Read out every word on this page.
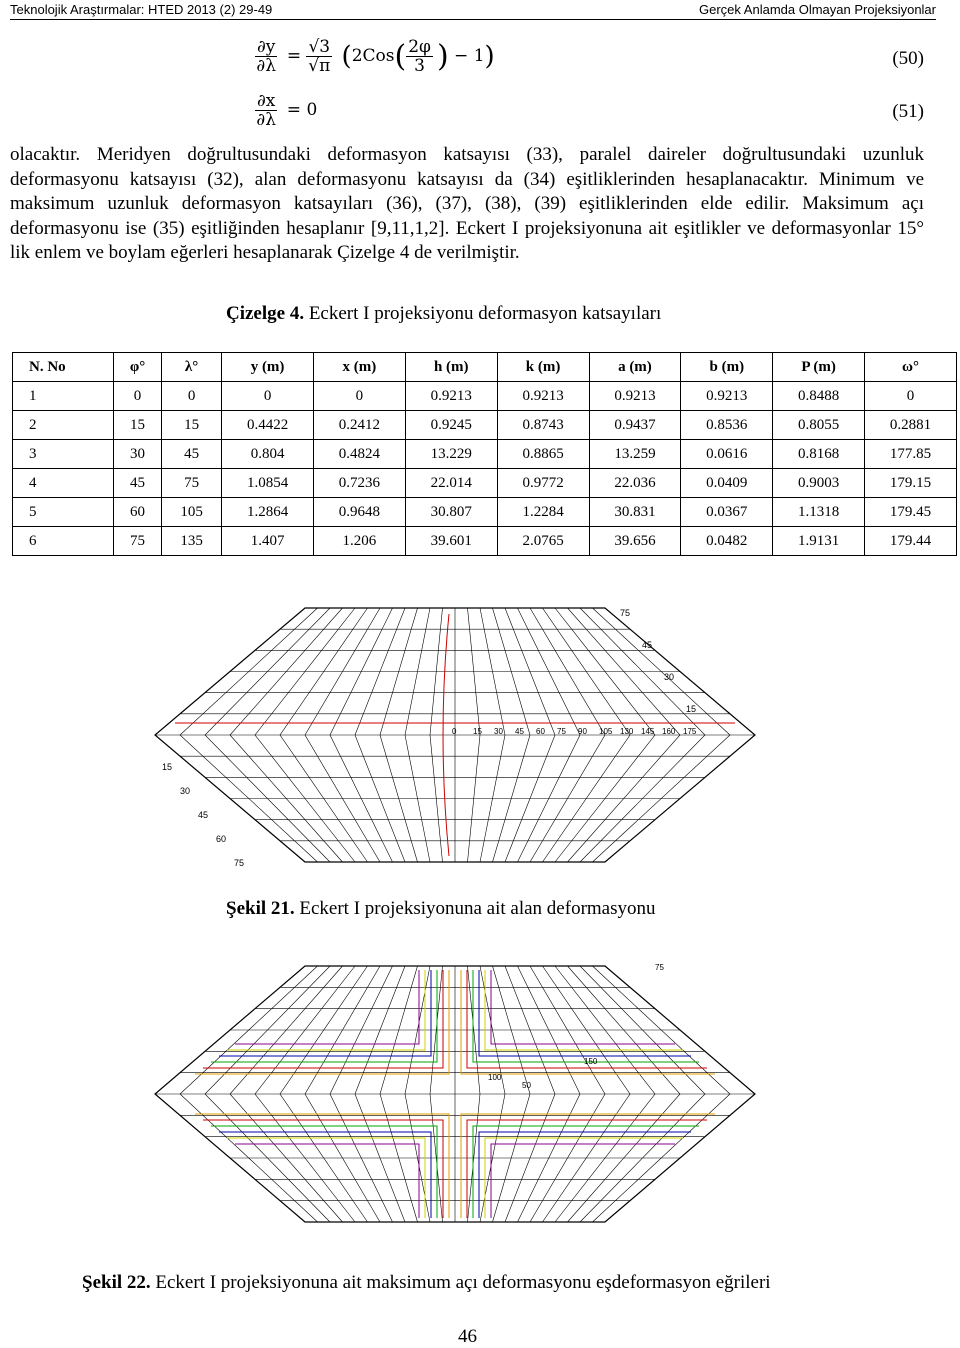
Teknolojik Araştırmalar: HTED 2013 (2) 29-49	Gerçek Anlamda Olmayan Projeksiyonlar
$\frac{\partial y}{\partial\lambda} = \frac{√3}{√\pi} (2Cos( \frac{2\varphi}{3}$ ) − 1)	(50)
$\frac{\partial x}{\partial\lambda} = 0$	(51)
olacaktır. Meridyen doğrultusundaki deformasyon katsayısı (33), paralel daireler doğrultusundaki uzunluk deformasyonu katsayısı (32), alan deformasyonu katsayısı da (34) eşitliklerinden hesaplanacaktır. Minimum ve maksimum uzunluk deformasyon katsayıları (36), (37), (38), (39) eşitliklerinden elde edilir. Maksimum açı deformasyonu ise (35) eşitliğinden hesaplanır [9,11,1,2]. Eckert I projeksiyonuna ait eşitlikler ve deformasyonlar 15° lik enlem ve boylam eğerleri hesaplanarak Çizelge 4 de verilmiştir.
Çizelge 4. Eckert I projeksiyonu deformasyon katsayıları
N. No	φ°	λ°	y (m)	x (m)	h (m)	k (m)	a (m)	b (m)	P (m)	ω°
1	0	0	0	0	0.9213	0.9213	0.9213	0.9213	0.8488	0
2	15	15	0.4422	0.2412	0.9245	0.8743	0.9437	0.8536	0.8055	0.2881
3	30	45	0.804	0.4824	13.229	0.8865	13.259	0.0616	0.8168	177.85
4	45	75	1.0854	0.7236	22.014	0.9772	22.036	0.0409	0.9003	179.15
5	60	105	1.2864	0.9648	30.807	1.2284	30.831	0.0367	1.1318	179.45
6	75	135	1.407	1.206	39.601	2.0765	39.656	0.0482	1.9131	179.44
75
45
30
15
15
30
45
60
75
0 15 30 45 60 75 90 105 130 145 160 175
Şekil 21. Eckert I projeksiyonuna ait alan deformasyonu
75
100
150
50
Şekil 22. Eckert I projeksiyonuna ait maksimum açı deformasyonu eşdeformasyon eğrileri
46
